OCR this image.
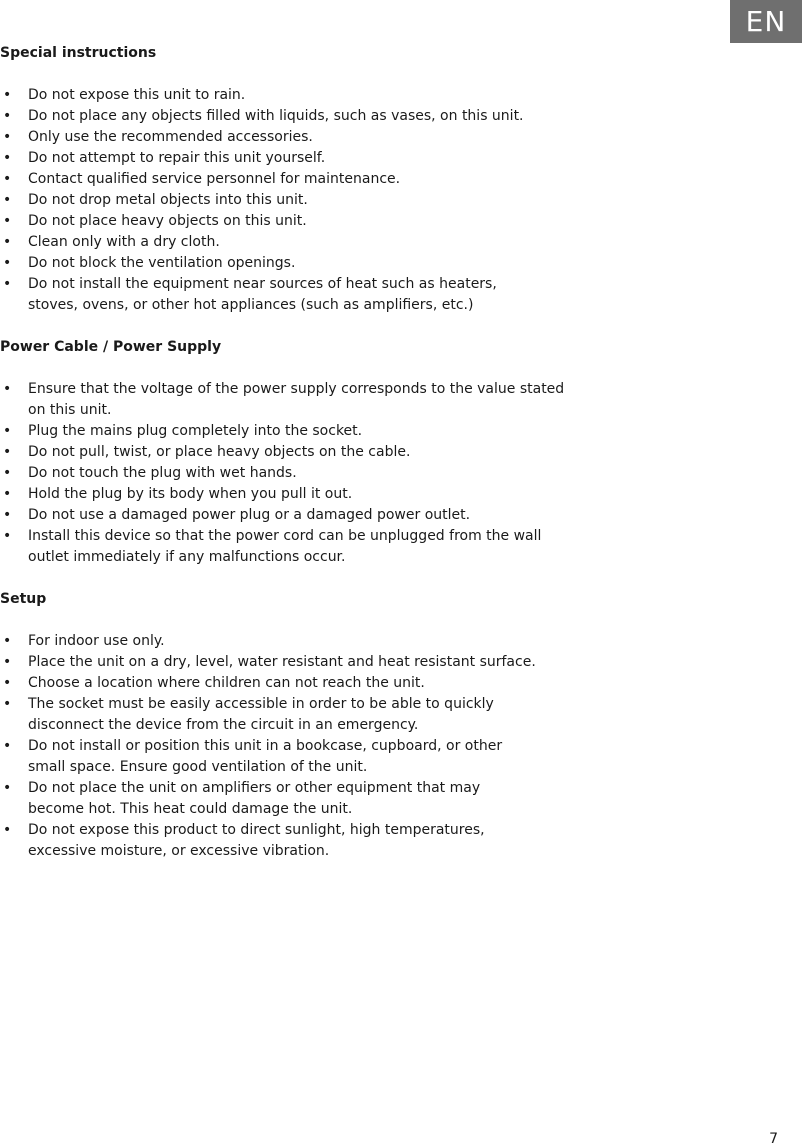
EN
Special instructions
• Do not expose this unit to rain.
• Do not place any objects filled with liquids, such as vases, on this unit.
• Only use the recommended accessories.
• Do not attempt to repair this unit yourself.
• Contact qualified service personnel for maintenance.
• Do not drop metal objects into this unit.
• Do not place heavy objects on this unit.
• Clean only with a dry cloth.
• Do not block the ventilation openings.
• Do not install the equipment near sources of heat such as heaters, stoves, ovens, or other hot appliances (such as amplifiers, etc.)
Power Cable / Power Supply
• Ensure that the voltage of the power supply corresponds to the value stated on this unit.
• Plug the mains plug completely into the socket.
• Do not pull, twist, or place heavy objects on the cable.
• Do not touch the plug with wet hands.
• Hold the plug by its body when you pull it out.
• Do not use a damaged power plug or a damaged power outlet.
• Install this device so that the power cord can be unplugged from the wall outlet immediately if any malfunctions occur.
Setup
• For indoor use only.
• Place the unit on a dry, level, water resistant and heat resistant surface.
• Choose a location where children can not reach the unit.
• The socket must be easily accessible in order to be able to quickly disconnect the device from the circuit in an emergency.
• Do not install or position this unit in a bookcase, cupboard, or other small space. Ensure good ventilation of the unit.
• Do not place the unit on amplifiers or other equipment that may become hot. This heat could damage the unit.
• Do not expose this product to direct sunlight, high temperatures, excessive moisture, or excessive vibration.
7
